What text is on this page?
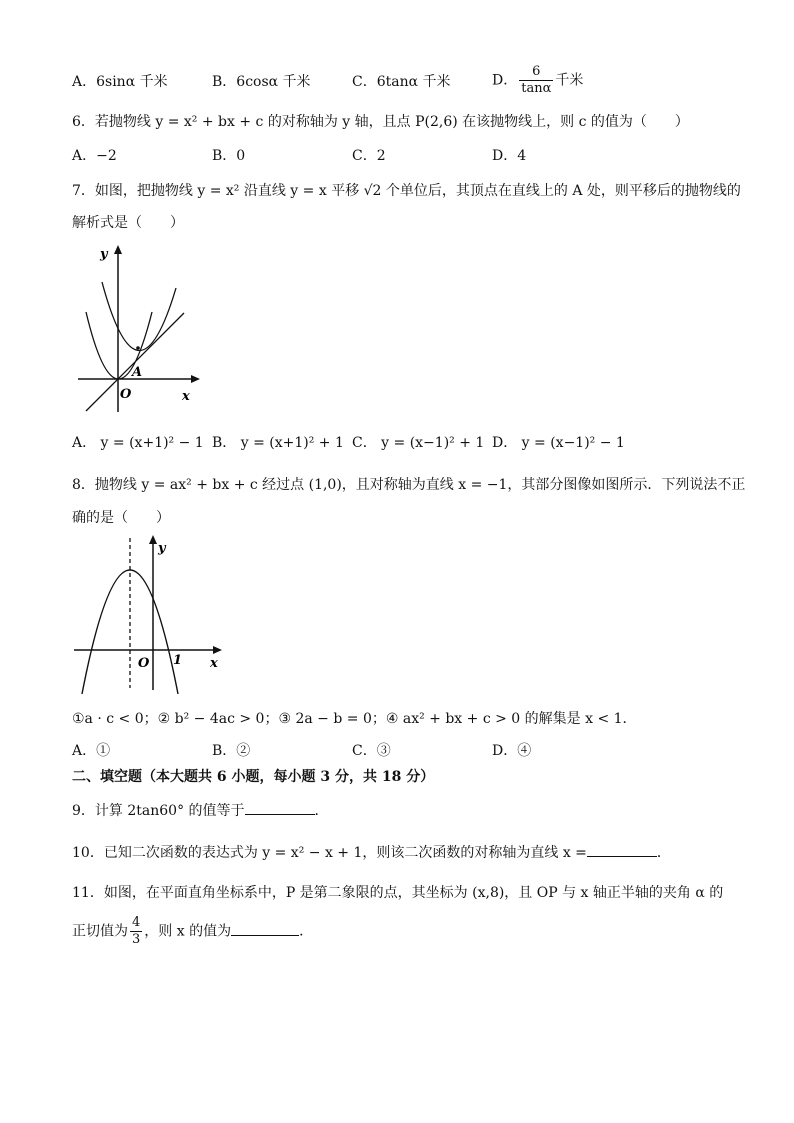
A．6sinα 千米	B．6cosα 千米	C．6tanα 千米	D． $\frac{6}{\tan\alpha}$ 千米
6．若抛物线 y = x² + bx + c 的对称轴为 y 轴，且点 P(2,6) 在该抛物线上，则 c 的值为（　　）
A．−2	B．0	C．2	D．4
7．如图，把抛物线 y = x² 沿直线 y = x 平移 √2 个单位后，其顶点在直线上的 A 处，则平移后的抛物线的
解析式是（　　）
y
x
O
A
A． y = (x+1)² − 1 B． y = (x+1)² + 1 C． y = (x−1)² + 1 D． y = (x−1)² − 1
8．抛物线 y = ax² + bx + c 经过点 (1,0)，且对称轴为直线 x = −1，其部分图像如图所示．下列说法不正
确的是（　　）
y
x
O 1
①a · c < 0；② b² − 4ac > 0；③ 2a − b = 0；④ ax² + bx + c > 0 的解集是 x < 1．
A．①	B．②	C．③	D．④
二、填空题（本大题共 6 小题，每小题 3 分，共 18 分）
9．计算 2tan60° 的值等于	．
10．已知二次函数的表达式为 y = x² − x + 1，则该二次函数的对称轴为直线 x =	．
11．如图，在平面直角坐标系中，P 是第二象限的点，其坐标为 (x,8)，且 OP 与 x 轴正半轴的夹角 α 的
正切值为 $\frac{4}{3}$ ，则 x 的值为	．
